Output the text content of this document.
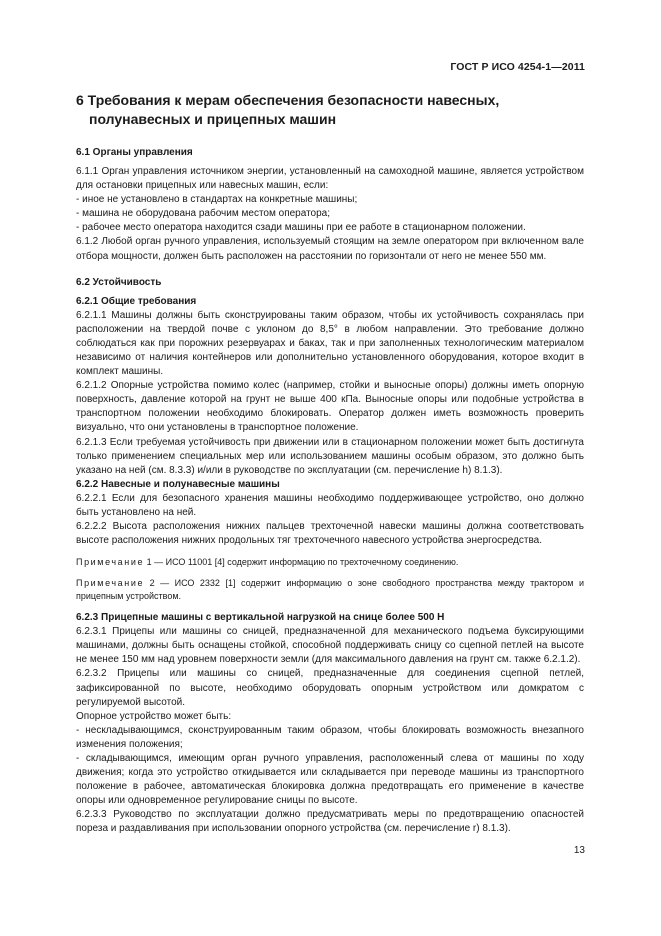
ГОСТ Р ИСО 4254-1—2011
6 Требования к мерам обеспечения безопасности навесных,
полунавесных и прицепных машин
6.1 Органы управления

6.1.1 Орган управления источником энергии, установленный на самоходной машине, является устройством для остановки прицепных или навесных машин, если:

- иное не установлено в стандартах на конкретные машины;

- машина не оборудована рабочим местом оператора;

- рабочее место оператора находится сзади машины при ее работе в стационарном положении.

6.1.2 Любой орган ручного управления, используемый стоящим на земле оператором при включенном вале отбора мощности, должен быть расположен на расстоянии по горизонтали от него не менее 550 мм.

6.2 Устойчивость
6.2.1 Общие требования

6.2.1.1 Машины должны быть сконструированы таким образом, чтобы их устойчивость сохранялась при расположении на твердой почве с уклоном до 8,5° в любом направлении. Это требование должно соблюдаться как при порожних резервуарах и баках, так и при заполненных технологическим материалом независимо от наличия контейнеров или дополнительно установленного оборудования, которое входит в комплект машины.

6.2.1.2 Опорные устройства помимо колес (например, стойки и выносные опоры) должны иметь опорную поверхность, давление которой на грунт не выше 400 кПа. Выносные опоры или подобные устройства в транспортном положении необходимо блокировать. Оператор должен иметь возможность проверить визуально, что они установлены в транспортное положение.

6.2.1.3 Если требуемая устойчивость при движении или в стационарном положении может быть достигнута только применением специальных мер или использованием машины особым образом, это должно быть указано на ней (см. 8.3.3) и/или в руководстве по эксплуатации (см. перечисление h) 8.1.3).

6.2.2 Навесные и полунавесные машины

6.2.2.1 Если для безопасного хранения машины необходимо поддерживающее устройство, оно должно быть установлено на ней.

6.2.2.2 Высота расположения нижних пальцев трехточечной навески машины должна соответствовать высоте расположения нижних продольных тяг трехточечного навесного устройства энергосредства.

Примечание 1 — ИСО 11001 [4] содержит информацию по трехточечному соединению.

Примечание 2 — ИСО 2332 [1] содержит информацию о зоне свободного пространства между трактором и прицепным устройством.

6.2.3 Прицепные машины с вертикальной нагрузкой на снице более 500 Н

6.2.3.1 Прицепы или машины со сницей, предназначенной для механического подъема буксирующими машинами, должны быть оснащены стойкой, способной поддерживать сницу со сцепной петлей на высоте не менее 150 мм над уровнем поверхности земли (для максимального давления на грунт см. также 6.2.1.2).

6.2.3.2 Прицепы или машины со сницей, предназначенные для соединения сцепной петлей, зафиксированной по высоте, необходимо оборудовать опорным устройством или домкратом с регулируемой высотой.

Опорное устройство может быть:

- нескладывающимся, сконструированным таким образом, чтобы блокировать возможность внезапного изменения положения;

- складывающимся, имеющим орган ручного управления, расположенный слева от машины по ходу движения; когда это устройство откидывается или складывается при переводе машины из транспортного положение в рабочее, автоматическая блокировка должна предотвращать его применение в качестве опоры или одновременное регулирование сницы по высоте.

6.2.3.3 Руководство по эксплуатации должно предусматривать меры по предотвращению опасностей пореза и раздавливания при использовании опорного устройства (см. перечисление r) 8.1.3).

13
